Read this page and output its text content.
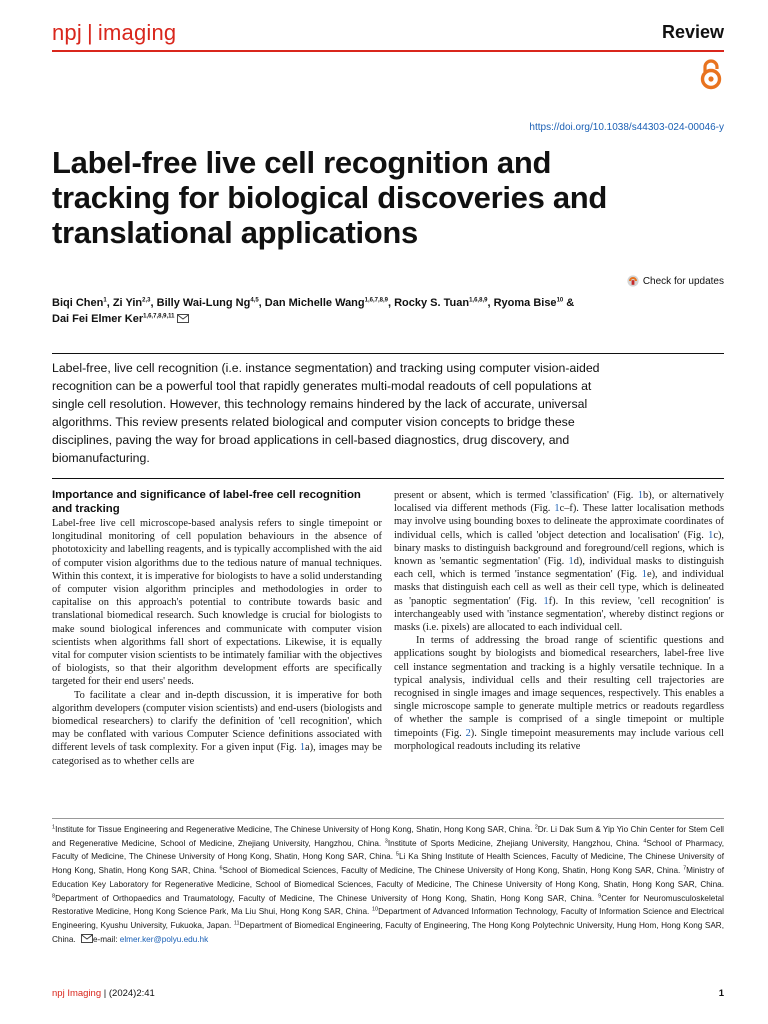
npj | imaging	Review
https://doi.org/10.1038/s44303-024-00046-y
Label-free live cell recognition and
tracking for biological discoveries and
translational applications
Check for updates
Biqi Chen$^1$, Zi Yin$^{2,3}$, Billy Wai-Lung Ng$^{4,5}$, Dan Michelle Wang$^{1,6,7,8,9}$, Rocky S. Tuan$^{1,6,8,9}$, Ryoma Bise$^{10}$ &
Dai Fei Elmer Ker$^{1,6,7,8,9,11}$
Label-free, live cell recognition (i.e. instance segmentation) and tracking using computer vision-aided recognition can be a powerful tool that rapidly generates multi-modal readouts of cell populations at single cell resolution. However, this technology remains hindered by the lack of accurate, universal algorithms. This review presents related biological and computer vision concepts to bridge these disciplines, paving the way for broad applications in cell-based diagnostics, drug discovery, and biomanufacturing.
Importance and significance of label-free cell recognition and tracking

Label-free live cell microscope-based analysis refers to single timepoint or longitudinal monitoring of cell population behaviours in the absence of phototoxicity and labelling reagents, and is typically accomplished with the aid of computer vision algorithms due to the tedious nature of manual techniques. Within this context, it is imperative for biologists to have a solid understanding of computer vision algorithm principles and methodologies in order to capitalise on this approach's potential to contribute towards basic and translational biomedical research. Such knowledge is crucial for biologists to make sound biological inferences and communicate with computer vision scientists when algorithms fall short of expectations. Likewise, it is equally vital for computer vision scientists to be intimately familiar with the objectives of biologists, so that their algorithm development efforts are specifically targeted for their end users' needs.

To facilitate a clear and in-depth discussion, it is imperative for both algorithm developers (computer vision scientists) and end-users (biologists and biomedical researchers) to clarify the definition of 'cell recognition', which may be conflated with various Computer Science definitions associated with different levels of task complexity. For a given input (Fig. 1a), images may be categorised as to whether cells are

present or absent, which is termed 'classification' (Fig. 1b), or alternatively localised via different methods (Fig. 1c–f). These latter localisation methods may involve using bounding boxes to delineate the approximate coordinates of individual cells, which is called 'object detection and localisation' (Fig. 1c), binary masks to distinguish background and foreground/cell regions, which is known as 'semantic segmentation' (Fig. 1d), individual masks to distinguish each cell, which is termed 'instance segmentation' (Fig. 1e), and individual masks that distinguish each cell as well as their cell type, which is delineated as 'panoptic segmentation' (Fig. 1f). In this review, 'cell recognition' is interchangeably used with 'instance segmentation', whereby distinct regions or masks (i.e. pixels) are allocated to each individual cell.

In terms of addressing the broad range of scientific questions and applications sought by biologists and biomedical researchers, label-free live cell instance segmentation and tracking is a highly versatile technique. In a typical analysis, individual cells and their resulting cell trajectories are recognised in single images and image sequences, respectively. This enables a single microscope sample to generate multiple metrics or readouts regardless of whether the sample is comprised of a single timepoint or multiple timepoints (Fig. 2). Single timepoint measurements may include various cell morphological readouts including its relative

$^1$Institute for Tissue Engineering and Regenerative Medicine, The Chinese University of Hong Kong, Shatin, Hong Kong SAR, China. $^2$Dr. Li Dak Sum & Yip Yio Chin Center for Stem Cell and Regenerative Medicine, School of Medicine, Zhejiang University, Hangzhou, China. $^3$Institute of Sports Medicine, Zhejiang University, Hangzhou, China. $^4$School of Pharmacy, Faculty of Medicine, The Chinese University of Hong Kong, Shatin, Hong Kong SAR, China. $^5$Li Ka Shing Institute of Health Sciences, Faculty of Medicine, The Chinese University of Hong Kong, Shatin, Hong Kong SAR, China. $^6$School of Biomedical Sciences, Faculty of Medicine, The Chinese University of Hong Kong, Shatin, Hong Kong SAR, China. $^7$Ministry of Education Key Laboratory for Regenerative Medicine, School of Biomedical Sciences, Faculty of Medicine, The Chinese University of Hong Kong, Shatin, Hong Kong SAR, China. $^8$Department of Orthopaedics and Traumatology, Faculty of Medicine, The Chinese University of Hong Kong, Shatin, Hong Kong SAR, China. $^9$Center for Neuromusculoskeletal Restorative Medicine, Hong Kong Science Park, Ma Liu Shui, Hong Kong SAR, China. $^{10}$Department of Advanced Information Technology, Faculty of Information Science and Electrical Engineering, Kyushu University, Fukuoka, Japan. $^{11}$Department of Biomedical Engineering, Faculty of Engineering, The Hong Kong Polytechnic University, Hung Hom, Hong Kong SAR, China. e-mail: elmer.ker@polyu.edu.hk
npj Imaging | (2024)2:41	1
